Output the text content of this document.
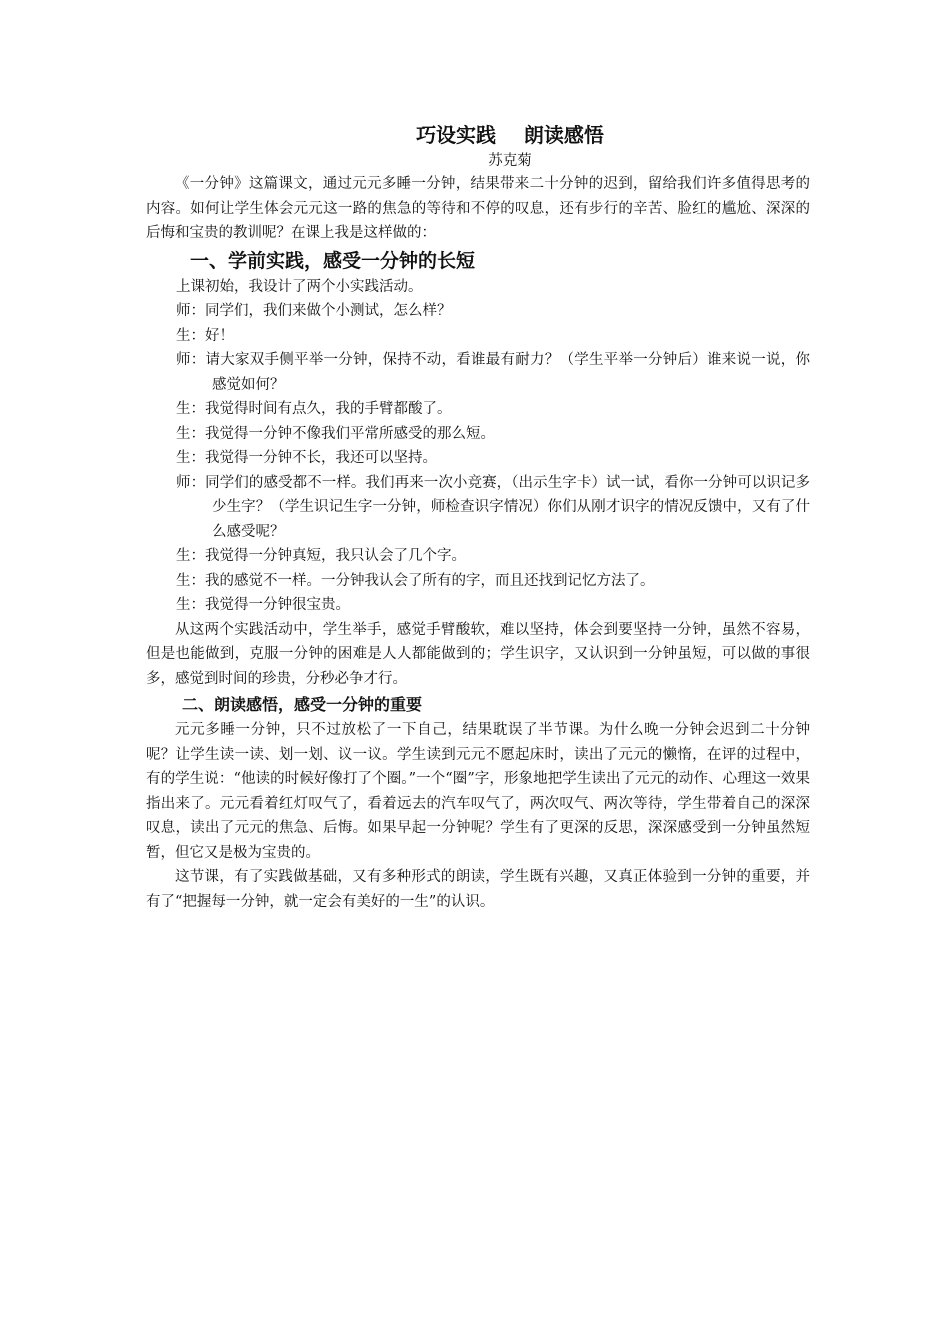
巧设实践    朗读感悟

苏克菊

《一分钟》这篇课文，通过元元多睡一分钟，结果带来二十分钟的迟到，留给我们许多值得思考的内容。如何让学生体会元元这一路的焦急的等待和不停的叹息，还有步行的辛苦、脸红的尴尬、深深的后悔和宝贵的教训呢？在课上我是这样做的：

一、学前实践，感受一分钟的长短

上课初始，我设计了两个小实践活动。

师：同学们，我们来做个小测试，怎么样？

生：好！

师：请大家双手侧平举一分钟，保持不动，看谁最有耐力？（学生平举一分钟后）谁来说一说，你感觉如何？

生：我觉得时间有点久，我的手臂都酸了。

生：我觉得一分钟不像我们平常所感受的那么短。

生：我觉得一分钟不长，我还可以坚持。

师：同学们的感受都不一样。我们再来一次小竞赛，（出示生字卡）试一试，看你一分钟可以识记多少生字？（学生识记生字一分钟，师检查识字情况）你们从刚才识字的情况反馈中，又有了什么感受呢？

生：我觉得一分钟真短，我只认会了几个字。

生：我的感觉不一样。一分钟我认会了所有的字，而且还找到记忆方法了。

生：我觉得一分钟很宝贵。

从这两个实践活动中，学生举手，感觉手臂酸软，难以坚持，体会到要坚持一分钟，虽然不容易，但是也能做到，克服一分钟的困难是人人都能做到的；学生识字，又认识到一分钟虽短，可以做的事很多，感觉到时间的珍贵，分秒必争才行。

二、朗读感悟，感受一分钟的重要

元元多睡一分钟，只不过放松了一下自己，结果耽误了半节课。为什么晚一分钟会迟到二十分钟呢？让学生读一读、划一划、议一议。学生读到元元不愿起床时，读出了元元的懒惰，在评的过程中，有的学生说：“他读的时候好像打了个圈。”一个“圈”字，形象地把学生读出了元元的动作、心理这一效果指出来了。元元看着红灯叹气了，看着远去的汽车叹气了，两次叹气、两次等待，学生带着自己的深深叹息，读出了元元的焦急、后悔。如果早起一分钟呢？学生有了更深的反思，深深感受到一分钟虽然短暂，但它又是极为宝贵的。

这节课，有了实践做基础，又有多种形式的朗读，学生既有兴趣，又真正体验到一分钟的重要，并有了“把握每一分钟，就一定会有美好的一生”的认识。
